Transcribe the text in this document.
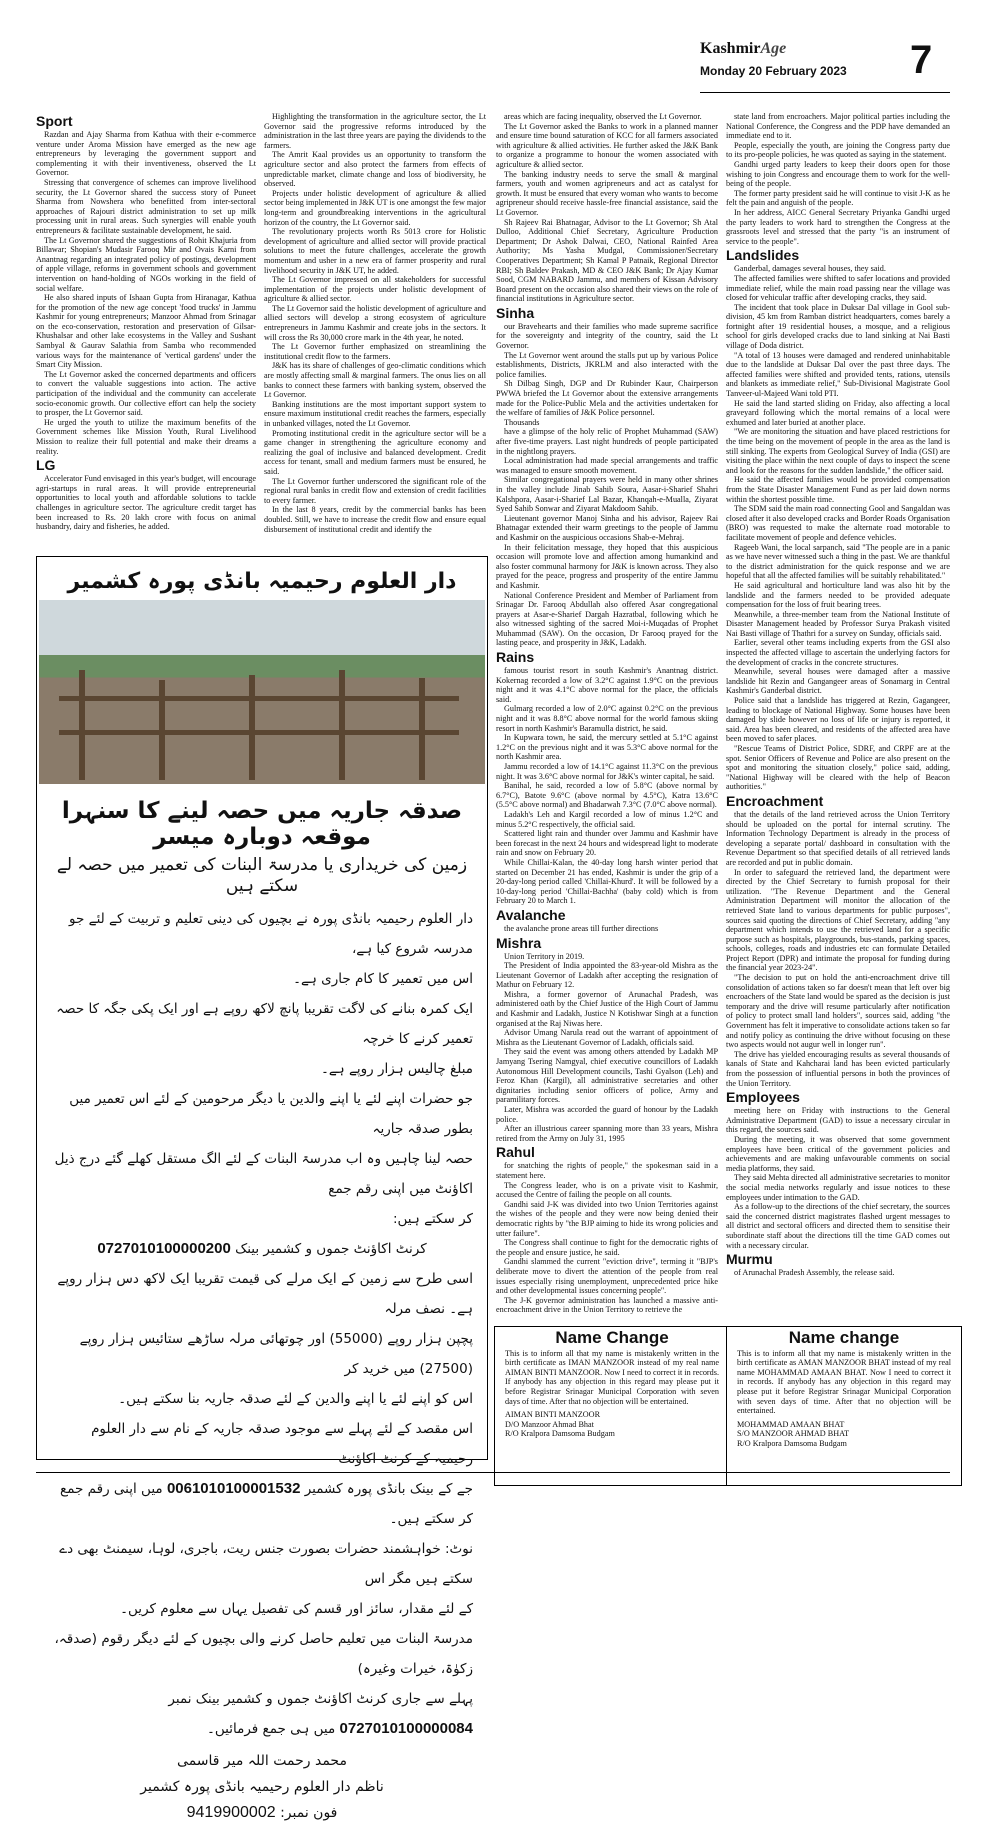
KashmirAge
Monday 20 February 2023	7
Sport

Razdan and Ajay Sharma from Kathua with their e-commerce venture under Aroma Mission have emerged as the new age entrepreneurs by leveraging the government support and complementing it with their inventiveness, observed the Lt Governor.

Stressing that convergence of schemes can improve livelihood security, the Lt Governor shared the success story of Puneet Sharma from Nowshera who benefitted from inter-sectoral approaches of Rajouri district administration to set up milk processing unit in rural areas. Such synergies will enable youth entrepreneurs & facilitate sustainable development, he said.

The Lt Governor shared the suggestions of Rohit Khajuria from Billawar; Shopian's Mudasir Farooq Mir and Ovais Karni from Anantnag regarding an integrated policy of postings, development of apple village, reforms in government schools and government intervention on hand-holding of NGOs working in the field of social welfare.

He also shared inputs of Ishaan Gupta from Hiranagar, Kathua for the promotion of the new age concept 'food trucks' in Jammu Kashmir for young entrepreneurs; Manzoor Ahmad from Srinagar on the eco-conservation, restoration and preservation of Gilsar-Khushalsar and other lake ecosystems in the Valley and Sushant Sambyal & Gaurav Salathia from Samba who recommended various ways for the maintenance of 'vertical gardens' under the Smart City Mission.

The Lt Governor asked the concerned departments and officers to convert the valuable suggestions into action. The active participation of the individual and the community can accelerate socio-economic growth. Our collective effort can help the society to prosper, the Lt Governor said.

He urged the youth to utilize the maximum benefits of the Government schemes like Mission Youth, Rural Livelihood Mission to realize their full potential and make their dreams a reality.

LG

Accelerator Fund envisaged in this year's budget, will encourage agri-startups in rural areas. It will provide entrepreneurial opportunities to local youth and affordable solutions to tackle challenges in agriculture sector. The agriculture credit target has been increased to Rs. 20 lakh crore with focus on animal husbandry, dairy and fisheries, he added.

Highlighting the transformation in the agriculture sector, the Lt Governor said the progressive reforms introduced by the administration in the last three years are paying the dividends to the farmers.

The Amrit Kaal provides us an opportunity to transform the agriculture sector and also protect the farmers from effects of unpredictable market, climate change and loss of biodiversity, he observed.

Projects under holistic development of agriculture & allied sector being implemented in J&K UT is one amongst the few major long-term and groundbreaking interventions in the agricultural horizon of the country, the Lt Governor said.

The revolutionary projects worth Rs 5013 crore for Holistic development of agriculture and allied sector will provide practical solutions to meet the future challenges, accelerate the growth momentum and usher in a new era of farmer prosperity and rural livelihood security in J&K UT, he added.

The Lt Governor impressed on all stakeholders for successful implementation of the projects under holistic development of agriculture & allied sector.

The Lt Governor said the holistic development of agriculture and allied sectors will develop a strong ecosystem of agriculture entrepreneurs in Jammu Kashmir and create jobs in the sectors. It will cross the Rs 30,000 crore mark in the 4th year, he noted.

The Lt Governor further emphasized on streamlining the institutional credit flow to the farmers.

J&K has its share of challenges of geo-climatic conditions which are mostly affecting small & marginal farmers. The onus lies on all banks to connect these farmers with banking system, observed the Lt Governor.

Banking institutions are the most important support system to ensure maximum institutional credit reaches the farmers, especially in unbanked villages, noted the Lt Governor.

Promoting institutional credit in the agriculture sector will be a game changer in strengthening the agriculture economy and realizing the goal of inclusive and balanced development. Credit access for tenant, small and medium farmers must be ensured, he said.

The Lt Governor further underscored the significant role of the regional rural banks in credit flow and extension of credit facilities to every farmer.

In the last 8 years, credit by the commercial banks has been doubled. Still, we have to increase the credit flow and ensure equal disbursement of institutional credit and identify the

areas which are facing inequality, observed the Lt Governor.

The Lt Governor asked the Banks to work in a planned manner and ensure time bound saturation of KCC for all farmers associated with agriculture & allied activities. He further asked the J&K Bank to organize a programme to honour the women associated with agriculture & allied sector.

The banking industry needs to serve the small & marginal farmers, youth and women agripreneurs and act as catalyst for growth. It must be ensured that every woman who wants to become agripreneur should receive hassle-free financial assistance, said the Lt Governor.

Sh Rajeev Rai Bhatnagar, Advisor to the Lt Governor; Sh Atal Dulloo, Additional Chief Secretary, Agriculture Production Department; Dr Ashok Dalwai, CEO, National Rainfed Area Authority; Ms Yasha Mudgal, Commissioner/Secretary Cooperatives Department; Sh Kamal P Patnaik, Regional Director RBI; Sh Baldev Prakash, MD & CEO J&K Bank; Dr Ajay Kumar Sood, CGM NABARD Jammu, and members of Kissan Advisory Board present on the occasion also shared their views on the role of financial institutions in Agriculture sector.

Sinha

our Bravehearts and their families who made supreme sacrifice for the sovereignty and integrity of the country, said the Lt Governor.

The Lt Governor went around the stalls put up by various Police establishments, Districts, JKRLM and also interacted with the police families.

Sh Dilbag Singh, DGP and Dr Rubinder Kaur, Chairperson PWWA briefed the Lt Governor about the extensive arrangements made for the Police-Public Mela and the activities undertaken for the welfare of families of J&K Police personnel.

Thousands

have a glimpse of the holy relic of Prophet Muhammad (SAW) after five-time prayers. Last night hundreds of people participated in the nightlong prayers.

Local administration had made special arrangements and traffic was managed to ensure smooth movement.

Similar congregational prayers were held in many other shrines in the valley include Jinab Sahib Soura, Aasar-i-Sharief Shahri Kalshpora, Aasar-i-Sharief Lal Bazar, Khanqah-e-Mualla, Ziyarat Syed Sahib Sonwar and Ziyarat Makdoom Sahib.

Lieutenant governor Manoj Sinha and his advisor, Rajeev Rai Bhatnagar extended their warm greetings to the people of Jammu and Kashmir on the auspicious occasions Shab-e-Mehraj.

In their felicitation message, they hoped that this auspicious occasion will promote love and affection among humankind and also foster communal harmony for J&K is known across. They also prayed for the peace, progress and prosperity of the entire Jammu and Kashmir.

National Conference President and Member of Parliament from Srinagar Dr. Farooq Abdullah also offered Asar congregational prayers at Asar-e-Sharief Dargah Hazratbal, following which he also witnessed sighting of the sacred Moi-i-Muqadas of Prophet Muhammad (SAW). On the occasion, Dr Farooq prayed for the lasting peace, and prosperity in J&K, Ladakh.

Rains

famous tourist resort in south Kashmir's Anantnag district. Kokernag recorded a low of 3.2°C against 1.9°C on the previous night and it was 4.1°C above normal for the place, the officials said.

Gulmarg recorded a low of 2.0°C against 0.2°C on the previous night and it was 8.8°C above normal for the world famous skiing resort in north Kashmir's Baramulla district, he said.

In Kupwara town, he said, the mercury settled at 5.1°C against 1.2°C on the previous night and it was 5.3°C above normal for the north Kashmir area.

Jammu recorded a low of 14.1°C against 11.3°C on the previous night. It was 3.6°C above normal for J&K's winter capital, he said.

Banihal, he said, recorded a low of 5.8°C (above normal by 6.7°C), Batote 9.6°C (above normal by 4.5°C), Katra 13.6°C (5.5°C above normal) and Bhadarwah 7.3°C (7.0°C above normal).

Ladakh's Leh and Kargil recorded a low of minus 1.2°C and minus 5.2°C respectively, the official said.

Scattered light rain and thunder over Jammu and Kashmir have been forecast in the next 24 hours and widespread light to moderate rain and snow on February 20.

While Chillai-Kalan, the 40-day long harsh winter period that started on December 21 has ended, Kashmir is under the grip of a 20-day-long period called 'Chillai-Khurd'. It will be followed by a 10-day-long period 'Chillai-Bachha' (baby cold) which is from February 20 to March 1.

Avalanche

the avalanche prone areas till further directions

Mishra

Union Territory in 2019.

The President of India appointed the 83-year-old Mishra as the Lieutenant Governor of Ladakh after accepting the resignation of Mathur on February 12.

Mishra, a former governor of Arunachal Pradesh, was administered oath by the Chief Justice of the High Court of Jammu and Kashmir and Ladakh, Justice N Kotishwar Singh at a function organised at the Raj Niwas here.

Advisor Umang Narula read out the warrant of appointment of Mishra as the Lieutenant Governor of Ladakh, officials said.

They said the event was among others attended by Ladakh MP Jamyang Tsering Namgyal, chief executive councillors of Ladakh Autonomous Hill Development councils, Tashi Gyalson (Leh) and Feroz Khan (Kargil), all administrative secretaries and other dignitaries including senior officers of police, Army and paramilitary forces.

Later, Mishra was accorded the guard of honour by the Ladakh police.

After an illustrious career spanning more than 33 years, Mishra retired from the Army on July 31, 1995

Rahul

for snatching the rights of people," the spokesman said in a statement here.

The Congress leader, who is on a private visit to Kashmir, accused the Centre of failing the people on all counts.

Gandhi said J-K was divided into two Union Territories against the wishes of the people and they were now being denied their democratic rights by "the BJP aiming to hide its wrong policies and utter failure".

The Congress shall continue to fight for the democratic rights of the people and ensure justice, he said.

Gandhi slammed the current "eviction drive", terming it "BJP's deliberate move to divert the attention of the people from real issues especially rising unemployment, unprecedented price hike and other developmental issues concerning people".

The J-K governor administration has launched a massive anti-encroachment drive in the Union Territory to retrieve the

state land from encroachers. Major political parties including the National Conference, the Congress and the PDP have demanded an immediate end to it.

People, especially the youth, are joining the Congress party due to its pro-people policies, he was quoted as saying in the statement.

Gandhi urged party leaders to keep their doors open for those wishing to join Congress and encourage them to work for the well-being of the people.

The former party president said he will continue to visit J-K as he felt the pain and anguish of the people.

In her address, AICC General Secretary Priyanka Gandhi urged the party leaders to work hard to strengthen the Congress at the grassroots level and stressed that the party "is an instrument of service to the people".

Landslides

Ganderbal, damages several houses, they said.

The affected families were shifted to safer locations and provided immediate relief, while the main road passing near the village was closed for vehicular traffic after developing cracks, they said.

The incident that took place in Duksar Dal village in Gool sub-division, 45 km from Ramban district headquarters, comes barely a fortnight after 19 residential houses, a mosque, and a religious school for girls developed cracks due to land sinking at Nai Basti village of Doda district.

"A total of 13 houses were damaged and rendered uninhabitable due to the landslide at Duksar Dal over the past three days. The affected families were shifted and provided tents, rations, utensils and blankets as immediate relief," Sub-Divisional Magistrate Gool Tanveer-ul-Majeed Wani told PTI.

He said the land started sliding on Friday, also affecting a local graveyard following which the mortal remains of a local were exhumed and later buried at another place.

"We are monitoring the situation and have placed restrictions for the time being on the movement of people in the area as the land is still sinking. The experts from Geological Survey of India (GSI) are visiting the place within the next couple of days to inspect the scene and look for the reasons for the sudden landslide," the officer said.

He said the affected families would be provided compensation from the State Disaster Management Fund as per laid down norms within the shortest possible time.

The SDM said the main road connecting Gool and Sangaldan was closed after it also developed cracks and Border Roads Organisation (BRO) was requested to make the alternate road motorable to facilitate movement of people and defence vehicles.

Rageeb Wani, the local sarpanch, said "The people are in a panic as we have never witnessed such a thing in the past. We are thankful to the district administration for the quick response and we are hopeful that all the affected families will be suitably rehabilitated."

He said agricultural and horticulture land was also hit by the landslide and the farmers needed to be provided adequate compensation for the loss of fruit bearing trees.

Meanwhile, a three-member team from the National Institute of Disaster Management headed by Professor Surya Prakash visited Nai Basti village of Thathri for a survey on Sunday, officials said.

Earlier, several other teams including experts from the GSI also inspected the affected village to ascertain the underlying factors for the development of cracks in the concrete structures.

Meanwhile, several houses were damaged after a massive landslide hit Rezin and Gangangeer areas of Sonamarg in Central Kashmir's Ganderbal district.

Police said that a landslide has triggered at Rezin, Gagangeer, leading to blockage of National Highway. Some houses have been damaged by slide however no loss of life or injury is reported, it said. Area has been cleared, and residents of the affected area have been moved to safer places.

"Rescue Teams of District Police, SDRF, and CRPF are at the spot. Senior Officers of Revenue and Police are also present on the spot and monitoring the situation closely," police said, adding, "National Highway will be cleared with the help of Beacon authorities."

Encroachment

that the details of the land retrieved across the Union Territory should be uploaded on the portal for internal scrutiny. The Information Technology Department is already in the process of developing a separate portal/ dashboard in consultation with the Revenue Department so that specified details of all retrieved lands are recorded and put in public domain.

In order to safeguard the retrieved land, the department were directed by the Chief Secretary to furnish proposal for their utilization. "The Revenue Department and the General Administration Department will monitor the allocation of the retrieved State land to various departments for public purposes", sources said quoting the directions of Chief Secretary, adding "any department which intends to use the retrieved land for a specific purpose such as hospitals, playgrounds, bus-stands, parking spaces, schools, colleges, roads and industries etc can formulate Detailed Project Report (DPR) and intimate the proposal for funding during the financial year 2023-24".

"The decision to put on hold the anti-encroachment drive till consolidation of actions taken so far doesn't mean that left over big encroachers of the State land would be spared as the decision is just temporary and the drive will resume particularly after notification of policy to protect small land holders", sources said, adding "the Government has felt it imperative to consolidate actions taken so far and notify policy as continuing the drive without focusing on these two aspects would not augur well in longer run".

The drive has yielded encouraging results as several thousands of kanals of State and Kahcharai land has been evicted particularly from the possession of influential persons in both the provinces of the Union Territory.

Employees

meeting here on Friday with instructions to the General Administrative Department (GAD) to issue a necessary circular in this regard, the sources said.

During the meeting, it was observed that some government employees have been critical of the government policies and achievements and are making unfavourable comments on social media platforms, they said.

They said Mehta directed all administrative secretaries to monitor the social media networks regularly and issue notices to these employees under intimation to the GAD.

As a follow-up to the directions of the chief secretary, the sources said the concerned district magistrates flashed urgent messages to all district and sectoral officers and directed them to sensitise their subordinate staff about the directions till the time GAD comes out with a necessary circular.

Murmu

of Arunachal Pradesh Assembly, the release said.

دار العلوم رحیمیہ بانڈی پورہ کشمیر
صدقہ جاریہ میں حصہ لینے کا سنہرا موقعہ دوبارہ میسر
زمین کی خریداری یا مدرسۃ البنات کی تعمیر میں حصہ لے سکتے ہیں
دار العلوم رحیمیہ بانڈی پورہ نے بچیوں کی دینی تعلیم و تربیت کے لئے جو مدرسہ شروع کیا ہے،
اس میں تعمیر کا کام جاری ہے۔
ایک کمرہ بنانے کی لاگت تقریبا پانچ لاکھ روپے ہے اور ایک پکی جگہ کا حصہ تعمیر کرنے کا خرچہ
مبلغ چالیس ہزار روپے ہے۔
جو حضرات اپنے لئے یا اپنے والدین یا دیگر مرحومین کے لئے اس تعمیر میں بطور صدقہ جاریہ
حصہ لینا چاہیں وہ اب مدرسۃ البنات کے لئے الگ مستقل کھلے گئے درج ذیل اکاؤنٹ میں اپنی رقم جمع
کر سکتے ہیں:
کرنٹ اکاؤنٹ جموں و کشمیر بینک 0727010100000200
اسی طرح سے زمین کے ایک مرلے کی قیمت تقریبا ایک لاکھ دس ہزار روپے ہے۔ نصف مرلہ
پچپن ہزار روپے (55000) اور چوتھائی مرلہ ساڑھے ستائیس ہزار روپے (27500) میں خرید کر
اس کو اپنے لئے یا اپنے والدین کے لئے صدقہ جاریہ بنا سکتے ہیں۔
اس مقصد کے لئے پہلے سے موجود صدقہ جاریہ کے نام سے دار العلوم رحیمیہ کے کرنٹ اکاؤنٹ
جے کے بینک بانڈی پورہ کشمیر 0061010100001532 میں اپنی رقم جمع کر سکتے ہیں۔
نوٹ: خواہشمند حضرات بصورت جنس ریت، باجری، لوہا، سیمنٹ بھی دے سکتے ہیں مگر اس
کے لئے مقدار، سائز اور قسم کی تفصیل یہاں سے معلوم کریں۔
مدرسۃ البنات میں تعلیم حاصل کرنے والی بچیوں کے لئے دیگر رقوم (صدقہ، زکوٰۃ، خیرات وغیرہ)
پہلے سے جاری کرنٹ اکاؤنٹ جموں و کشمیر بینک نمبر 0727010100000084 میں ہی جمع فرمائیں۔
محمد رحمت اللہ میر قاسمی
ناظم دار العلوم رحیمیہ بانڈی پورہ کشمیر
فون نمبر: 9419900002
Name Change

This is to inform all that my name is mistakenly written in the birth certificate as IMAN MANZOOR instead of my real name AIMAN BINTI MANZOOR. Now I need to correct it in records. If anybody has any objection in this regard may please put it before Registrar Srinagar Municipal Corporation with seven days of time. After that no objection will be entertained.

AIMAN BINTI MANZOOR
D/O Manzoor Ahmad Bhat
R/O Kralpora Damsoma Budgam
Name change

This is to inform all that my name is mistakenly written in the birth certificate as AMAN MANZOOR BHAT instead of my real name MOHAMMAD AMAAN BHAT. Now I need to correct it in records. If anybody has any objection in this regard may please put it before Registrar Srinagar Municipal Corporation with seven days of time. After that no objection will be entertained.

MOHAMMAD AMAAN BHAT
S/O MANZOOR AHMAD BHAT
R/O Kralpora Damsoma Budgam
